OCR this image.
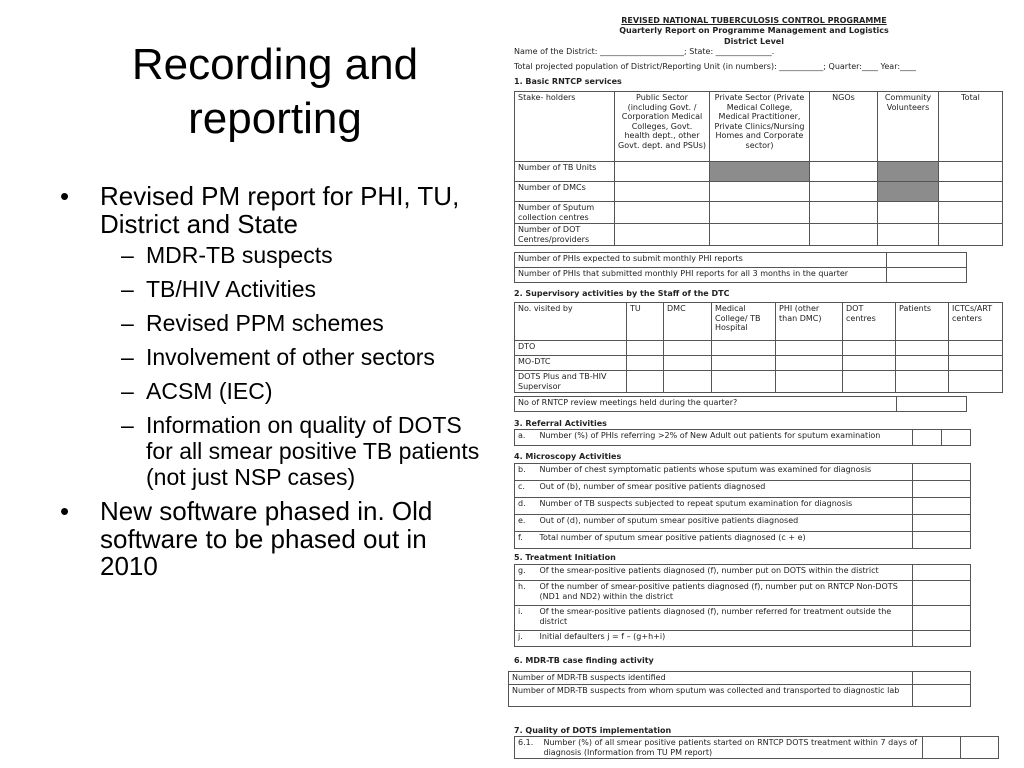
Recording and reporting
• Revised PM report for PHI, TU, District and State
– MDR-TB suspects
– TB/HIV Activities
– Revised PPM schemes
– Involvement of other sectors
– ACSM (IEC)
– Information on quality of DOTS for all smear positive TB patients (not just NSP cases)
• New software phased in. Old software to be phased out in 2010
REVISED NATIONAL TUBERCULOSIS CONTROL PROGRAMME
Quarterly Report on Programme Management and Logistics
District Level
Name of the District: _____________________; State: ______________.
Total projected population of District/Reporting Unit (in numbers): ___________; Quarter:____ Year:____
1. Basic RNTCP services
Stake- holders	Public Sector (including Govt. / Corporation Medical Colleges, Govt. health dept., other Govt. dept. and PSUs)	Private Sector (Private Medical College, Medical Practitioner, Private Clinics/Nursing Homes and Corporate sector)	NGOs	Community Volunteers	Total
Number of TB Units					
Number of DMCs					
Number of Sputum collection centres					
Number of DOT Centres/providers					
Number of PHIs expected to submit monthly PHI reports	
Number of PHIs that submitted monthly PHI reports for all 3 months in the quarter	
2. Supervisory activities by the Staff of the DTC
No. visited by	TU	DMC	Medical College/ TB Hospital	PHI (other than DMC)	DOT centres	Patients	ICTCs/ART centers
DTO							
MO-DTC							
DOTS Plus and TB-HIV Supervisor							
No of RNTCP review meetings held during the quarter?	
3. Referral Activities
a.	Number (%) of PHIs referring >2% of New Adult out patients for sputum examination		
4. Microscopy Activities
b.	Number of chest symptomatic patients whose sputum was examined for diagnosis	
c.	Out of (b), number of smear positive patients diagnosed	
d.	Number of TB suspects subjected to repeat sputum examination for diagnosis	
e.	Out of (d), number of sputum smear positive patients diagnosed	
f.	Total number of sputum smear positive patients diagnosed (c + e)	
5. Treatment Initiation
g.	Of the smear-positive patients diagnosed (f), number put on DOTS within the district	
h.	Of the number of smear-positive patients diagnosed (f), number put on RNTCP Non-DOTS (ND1 and ND2) within the district	
i.	Of the smear-positive patients diagnosed (f), number referred for treatment outside the district	
j.	Initial defaulters j = f – (g+h+i)	
6. MDR-TB case finding activity
Number of MDR-TB suspects identified	
Number of MDR-TB suspects from whom sputum was collected and transported to diagnostic lab	
7. Quality of DOTS implementation
6.1.	Number (%) of all smear positive patients started on RNTCP DOTS treatment within 7 days of diagnosis (Information from TU PM report)		
